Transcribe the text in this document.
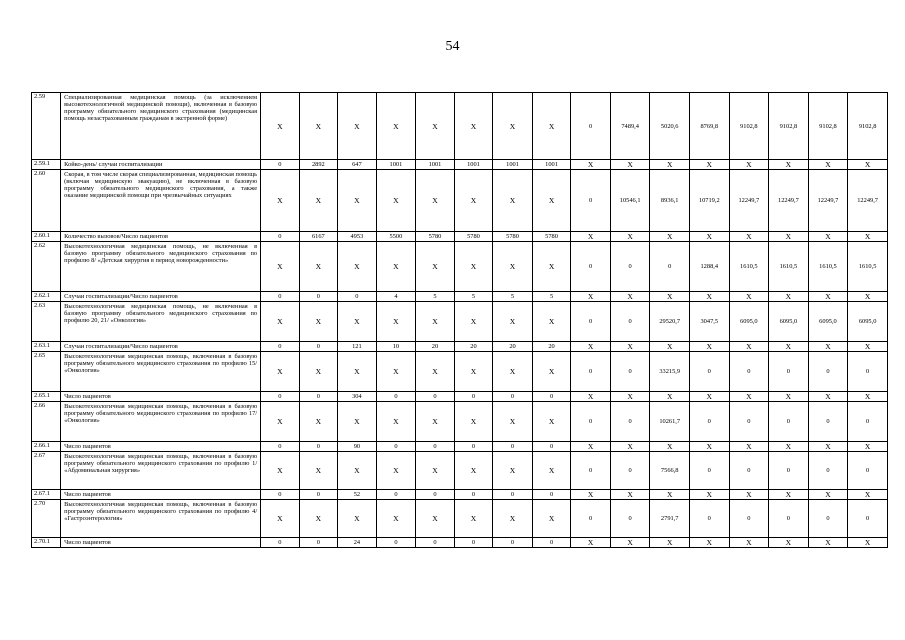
54
2.59	Специализированная медицинская помощь (за исключением высокотехнологичной медицинской помощи), включенная в базовую программу обязательного медицинского страхования (медицинская помощь незастрахованным гражданам в экстренной форме)	X	X	X	X	X	X	X	X	0	7489,4	5020,6	8769,8	9102,8	9102,8	9102,8	9102,8
2.59.1	Койко-день/ случаи госпитализации	0	2892	647	1001	1001	1001	1001	1001	X	X	X	X	X	X	X	X
2.60	Скорая, в том числе скорая специализированная, медицинская помощь (включая медицинскую эвакуацию), не включенная в базовую программу обязательного медицинского страхования, а также оказание медицинской помощи при чрезвычайных ситуациях	X	X	X	X	X	X	X	X	0	10546,1	8936,1	10719,2	12249,7	12249,7	12249,7	12249,7
2.60.1	Количество вызовов/Число пациентов	0	6167	4953	5500	5780	5780	5780	5780	X	X	X	X	X	X	X	X
2.62	Высокотехнологичная медицинская помощь, не включенная в базовую программу обязательного медицинского страхования по профилю 8/ «Детская хирургия в период новорожденности»	X	X	X	X	X	X	X	X	0	0	0	1288,4	1610,5	1610,5	1610,5	1610,5
2.62.1	Случаи госпитализации/Число пациентов	0	0	0	4	5	5	5	5	X	X	X	X	X	X	X	X
2.63	Высокотехнологичная медицинская помощь, не включенная в базовую программу обязательного медицинского страхования по профилю 20, 21/ «Онкология»	X	X	X	X	X	X	X	X	0	0	29520,7	3047,5	6095,0	6095,0	6095,0	6095,0
2.63.1	Случаи госпитализации/Число пациентов	0	0	121	10	20	20	20	20	X	X	X	X	X	X	X	X
2.65	Высокотехнологичная медицинская помощь, включенная в базовую программу обязательного медицинского страхования по профилю 15/ «Онкология»	X	X	X	X	X	X	X	X	0	0	33215,9	0	0	0	0	0
2.65.1	Число пациентов	0	0	304	0	0	0	0	0	X	X	X	X	X	X	X	X
2.66	Высокотехнологичная медицинская помощь, включенная в базовую программу обязательного медицинского страхования по профилю 17/ «Онкология»	X	X	X	X	X	X	X	X	0	0	10261,7	0	0	0	0	0
2.66.1	Число пациентов	0	0	90	0	0	0	0	0	X	X	X	X	X	X	X	X
2.67	Высокотехнологичная медицинская помощь, включенная в базовую программу обязательного медицинского страхования по профилю 1/ «Абдоминальная хирургия»	X	X	X	X	X	X	X	X	0	0	7566,8	0	0	0	0	0
2.67.1	Число пациентов	0	0	52	0	0	0	0	0	X	X	X	X	X	X	X	X
2.70	Высокотехнологичная медицинская помощь, включенная в базовую программу обязательного медицинского страхования по профилю 4/ «Гастроэнтерология»	X	X	X	X	X	X	X	X	0	0	2791,7	0	0	0	0	0
2.70.1	Число пациентов	0	0	24	0	0	0	0	0	X	X	X	X	X	X	X	X
